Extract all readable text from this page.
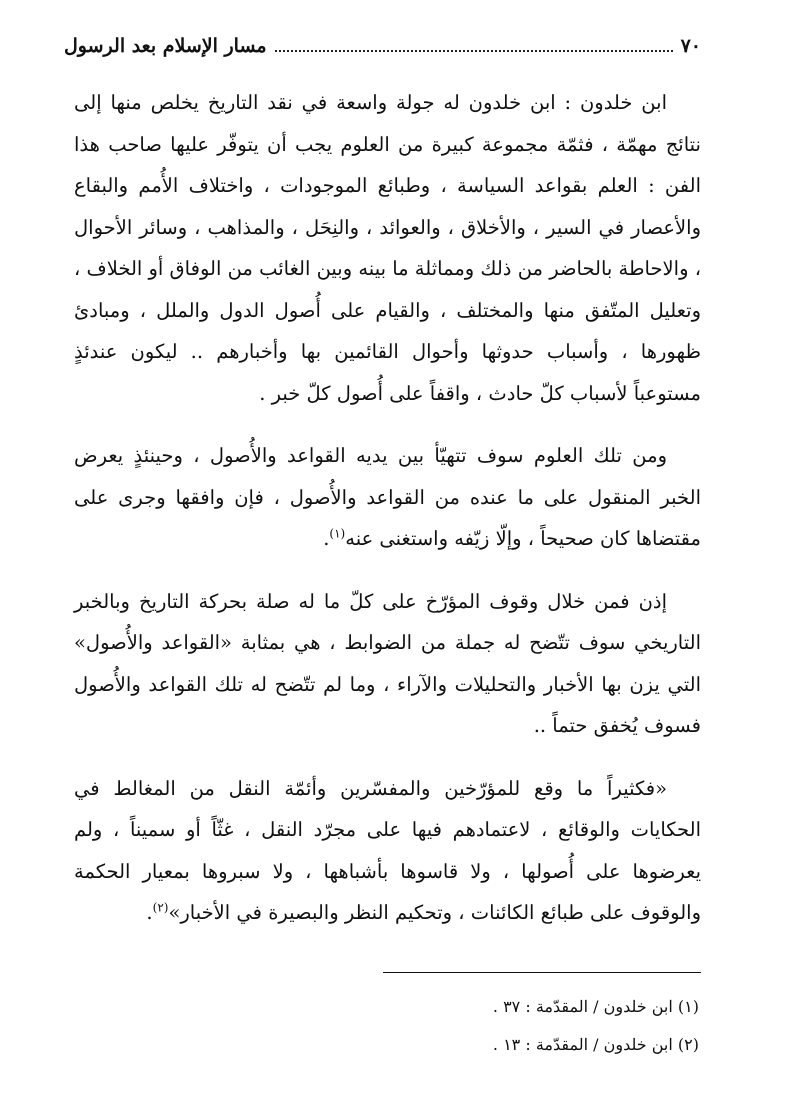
٧٠
مسار الإسلام بعد الرسول

ابن خلدون : ابن خلدون له جولة واسعة في نقد التاريخ يخلص منها إلى نتائج مهمّة ، فثمّة مجموعة كبيرة من العلوم يجب أن يتوفّر عليها صاحب هذا الفن : العلم بقواعد السياسة ، وطبائع الموجودات ، واختلاف الأُمم والبقاع والأعصار في السير ، والأخلاق ، والعوائد ، والنِحَل ، والمذاهب ، وسائر الأحوال ، والاحاطة بالحاضر من ذلك ومماثلة ما بينه وبين الغائب من الوفاق أو الخلاف ، وتعليل المتّفق منها والمختلف ، والقيام على أُصول الدول والملل ، ومبادئ ظهورها ، وأسباب حدوثها وأحوال القائمين بها وأخبارهم .. ليكون عندئذٍ مستوعباً لأسباب كلّ حادث ، واقفاً على أُصول كلّ خبر .

ومن تلك العلوم سوف تتهيّأ بين يديه القواعد والأُصول ، وحينئذٍ يعرض الخبر المنقول على ما عنده من القواعد والأُصول ، فإن وافقها وجرى على مقتضاها كان صحيحاً ، وإلّا زيّفه واستغنى عنه$^{(١)}$.

إذن فمن خلال وقوف المؤرّخ على كلّ ما له صلة بحركة التاريخ وبالخبر التاريخي سوف تتّضح له جملة من الضوابط ، هي بمثابة «القواعد والأُصول» التي يزن بها الأخبار والتحليلات والآراء ، وما لم تتّضح له تلك القواعد والأُصول فسوف يُخفق حتماً ..

«فكثيراً ما وقع للمؤرّخين والمفسّرين وأئمّة النقل من المغالط في الحكايات والوقائع ، لاعتمادهم فيها على مجرّد النقل ، غثّاً أو سميناً ، ولم يعرضوها على أُصولها ، ولا قاسوها بأشباهها ، ولا سبروها بمعيار الحكمة والوقوف على طبائع الكائنات ، وتحكيم النظر والبصيرة في الأخبار»$^{(٢)}$.

(١) ابن خلدون / المقدّمة : ٣٧ .

(٢) ابن خلدون / المقدّمة : ١٣ .
